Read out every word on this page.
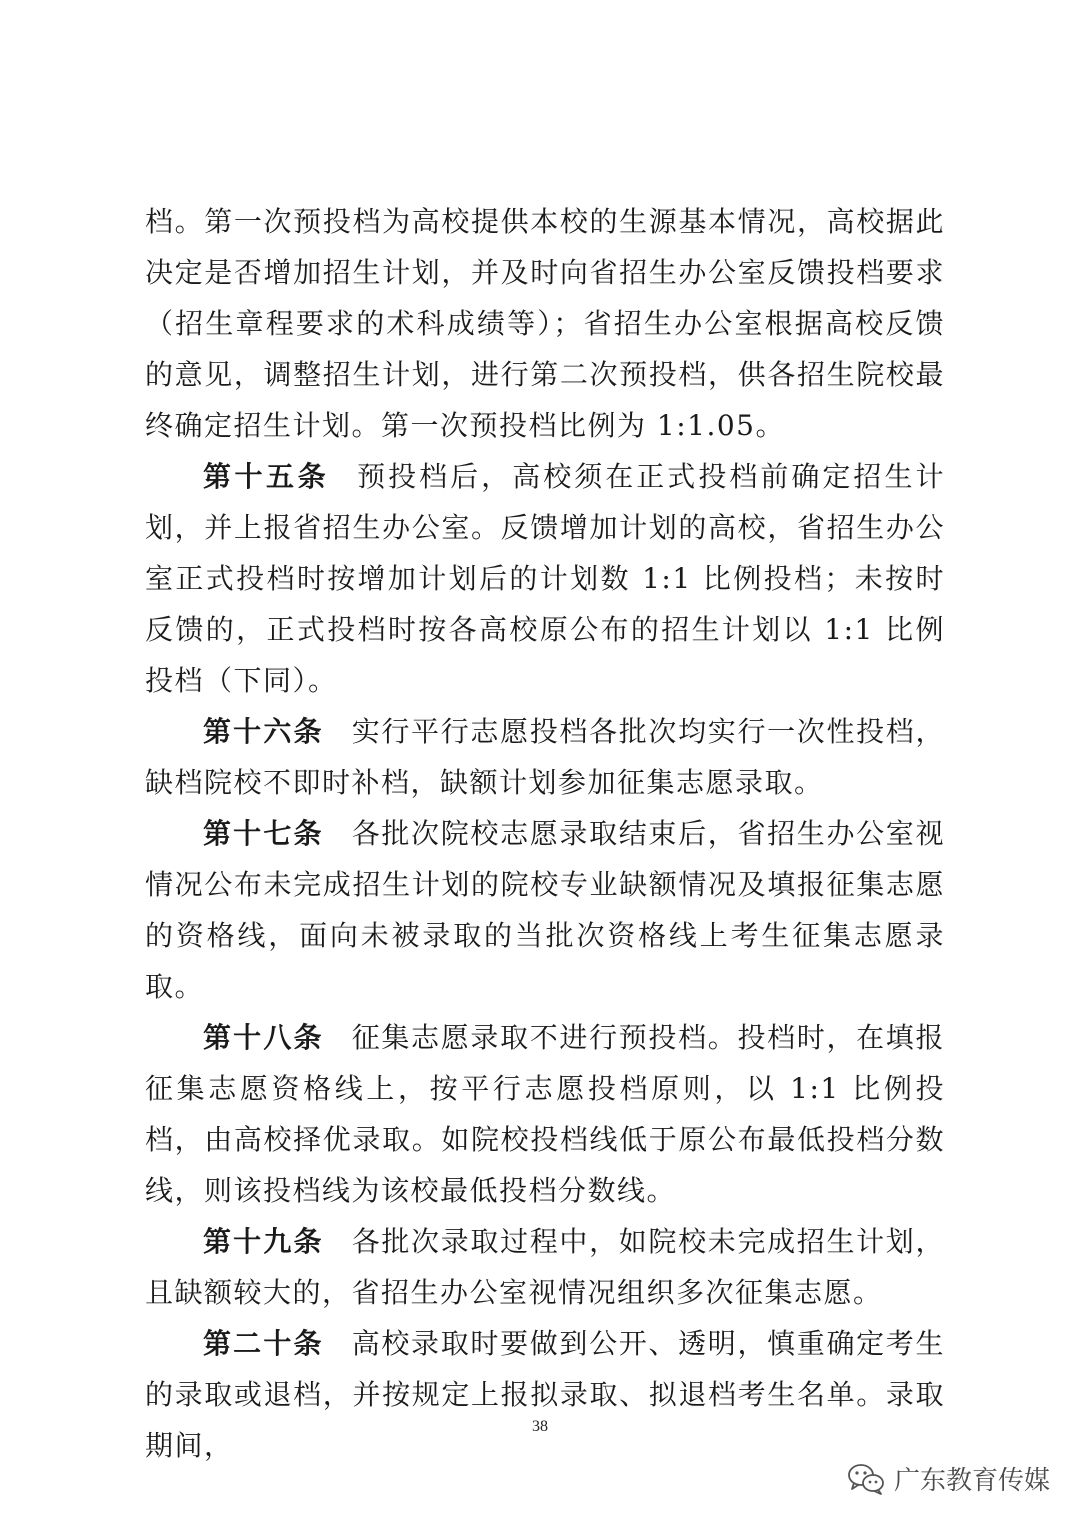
档。第一次预投档为高校提供本校的生源基本情况，高校据此决定是否增加招生计划，并及时向省招生办公室反馈投档要求（招生章程要求的术科成绩等）；省招生办公室根据高校反馈的意见，调整招生计划，进行第二次预投档，供各招生院校最终确定招生计划。第一次预投档比例为 1:1.05。

第十五条 预投档后，高校须在正式投档前确定招生计划，并上报省招生办公室。反馈增加计划的高校，省招生办公室正式投档时按增加计划后的计划数 1:1 比例投档；未按时反馈的，正式投档时按各高校原公布的招生计划以 1:1 比例投档（下同）。

第十六条 实行平行志愿投档各批次均实行一次性投档，缺档院校不即时补档，缺额计划参加征集志愿录取。

第十七条 各批次院校志愿录取结束后，省招生办公室视情况公布未完成招生计划的院校专业缺额情况及填报征集志愿的资格线，面向未被录取的当批次资格线上考生征集志愿录取。

第十八条 征集志愿录取不进行预投档。投档时，在填报征集志愿资格线上，按平行志愿投档原则，以 1:1 比例投档，由高校择优录取。如院校投档线低于原公布最低投档分数线，则该投档线为该校最低投档分数线。

第十九条 各批次录取过程中，如院校未完成招生计划，且缺额较大的，省招生办公室视情况组织多次征集志愿。

第二十条 高校录取时要做到公开、透明，慎重确定考生的录取或退档，并按规定上报拟录取、拟退档考生名单。录取期间，

38
广东教育传媒
